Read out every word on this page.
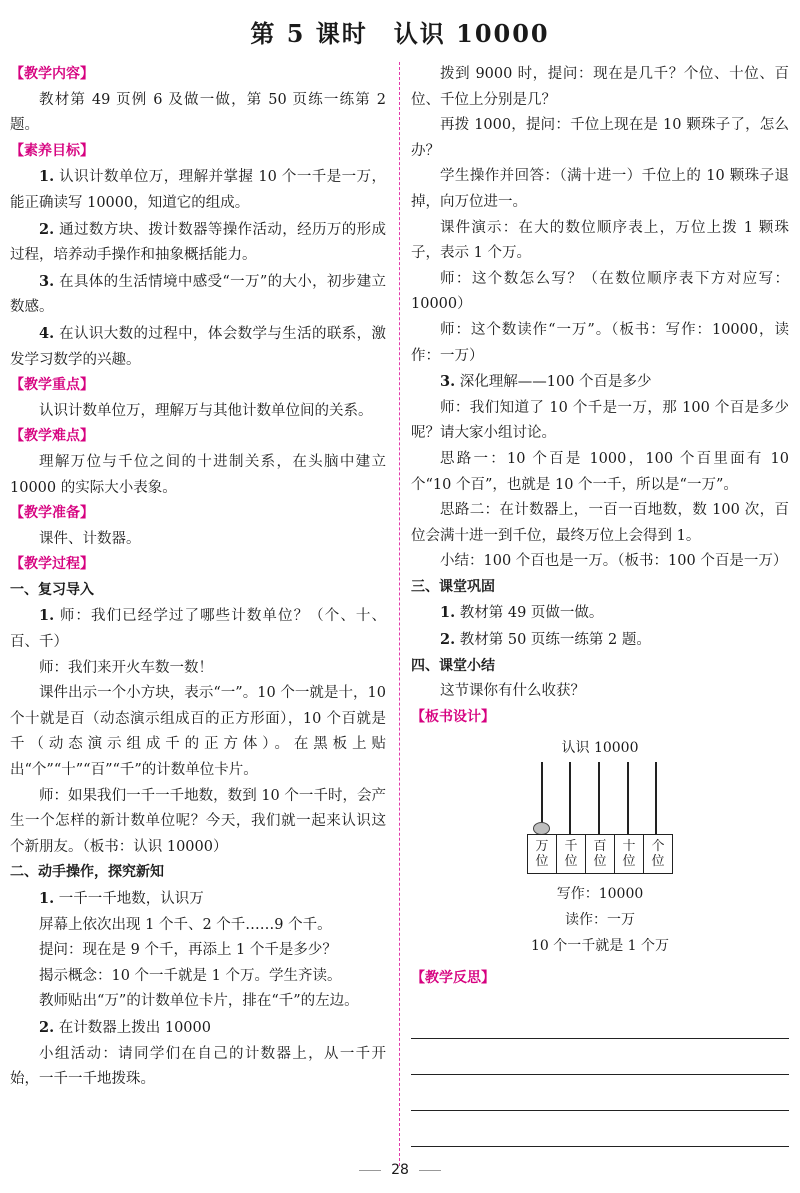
第 5 课时　认识 10000
【教学内容】

教材第 49 页例 6 及做一做，第 50 页练一练第 2 题。

【素养目标】

1. 认识计数单位万，理解并掌握 10 个一千是一万，能正确读写 10000，知道它的组成。

2. 通过数方块、拨计数器等操作活动，经历万的形成过程，培养动手操作和抽象概括能力。

3. 在具体的生活情境中感受“一万”的大小，初步建立数感。

4. 在认识大数的过程中，体会数学与生活的联系，激发学习数学的兴趣。

【教学重点】

认识计数单位万，理解万与其他计数单位间的关系。

【教学难点】

理解万位与千位之间的十进制关系，在头脑中建立 10000 的实际大小表象。

【教学准备】

课件、计数器。

【教学过程】
一、复习导入

1. 师：我们已经学过了哪些计数单位？（个、十、百、千）

师：我们来开火车数一数！

课件出示一个小方块，表示“一”。10 个一就是十，10 个十就是百（动态演示组成百的正方形面），10 个百就是千（动态演示组成千的正方体）。在黑板上贴出“个”“十”“百”“千”的计数单位卡片。

师：如果我们一千一千地数，数到 10 个一千时，会产生一个怎样的新计数单位呢？今天，我们就一起来认识这个新朋友。（板书：认识 10000）

二、动手操作，探究新知

1. 一千一千地数，认识万

屏幕上依次出现 1 个千、2 个千……9 个千。

提问：现在是 9 个千，再添上 1 个千是多少？

揭示概念：10 个一千就是 1 个万。学生齐读。

教师贴出“万”的计数单位卡片，排在“千”的左边。

2. 在计数器上拨出 10000

小组活动：请同学们在自己的计数器上，从一千开始，一千一千地拨珠。

拨到 9000 时，提问：现在是几千？个位、十位、百位、千位上分别是几？

再拨 1000，提问：千位上现在是 10 颗珠子了，怎么办？

学生操作并回答：（满十进一）千位上的 10 颗珠子退掉，向万位进一。

课件演示：在大的数位顺序表上，万位上拨 1 颗珠子，表示 1 个万。

师：这个数怎么写？（在数位顺序表下方对应写：10000）

师：这个数读作“一万”。（板书：写作：10000，读作：一万）

3. 深化理解——100 个百是多少

师：我们知道了 10 个千是一万，那 100 个百是多少呢？请大家小组讨论。

思路一：10 个百是 1000，100 个百里面有 10 个“10 个百”，也就是 10 个一千，所以是“一万”。

思路二：在计数器上，一百一百地数，数 100 次，百位会满十进一到千位，最终万位上会得到 1。

小结：100 个百也是一万。（板书：100 个百是一万）

三、课堂巩固

1. 教材第 49 页做一做。

2. 教材第 50 页练一练第 2 题。

四、课堂小结

这节课你有什么收获？

【板书设计】
认识 10000
万位
千位
百位
十位
个位
写作：10000
读作：一万
10 个一千就是 1 个万
【教学反思】
28
